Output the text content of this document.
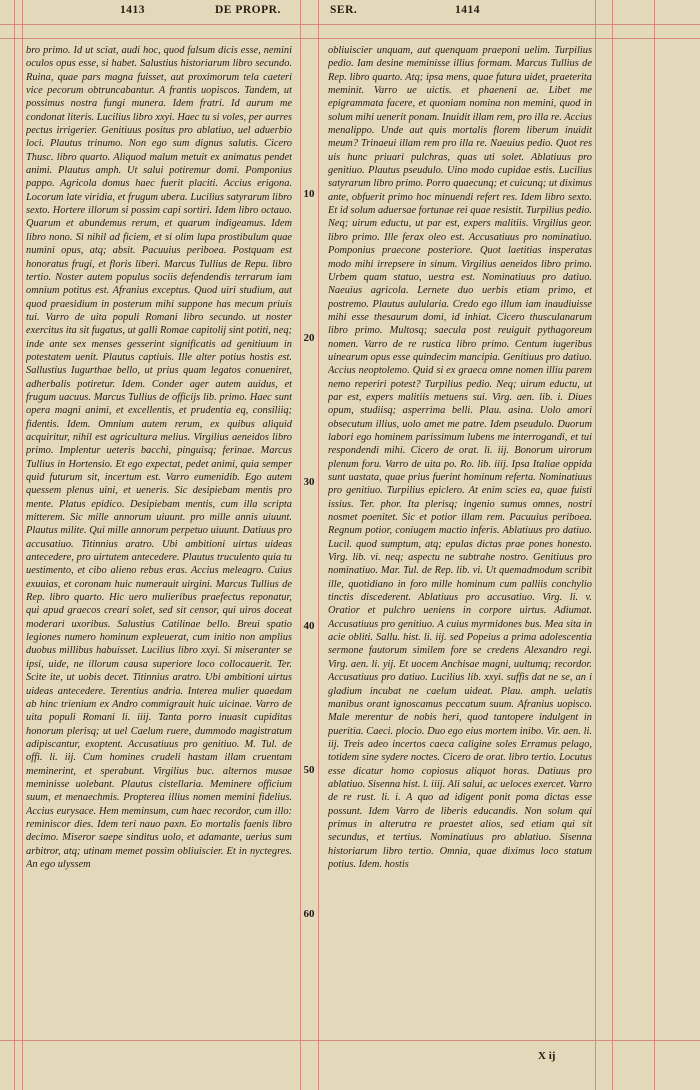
1413	DE PROPR.	SER.	1414
10
20
30
40
50
60

bro primo. Id ut sciat, audi hoc, quod falsum dicis esse, nemini oculos opus esse, si habet. Salustius historiarum libro secundo. Ruina, quae pars magna fuisset, aut proximorum tela caeteri vice pecorum obtruncabantur. A frantis uopiscos. Tandem, ut possimus nostra fungi munera. Idem fratri. Id aurum me condonat literis. Lucilius libro xxyi. Haec tu si voles, per aurres pectus irrigerier. Genitiuus positus pro ablatiuo, uel aduerbio loci. Plautus trinumo. Non ego sum dignus salutis. Cicero Thusc. libro quarto. Aliquod malum metuit ex animatus pendet animi. Plautus amph. Ut salui potiremur domi. Pomponius pappo. Agricola domus haec fuerit placiti. Accius erigona. Locorum late viridia, et frugum ubera. Lucilius satyrarum libro sexto. Hortere illorum si possim capi sortiri. Idem libro octauo. Quarum et abundemus rerum, et quarum indigeamus. Idem libro nono. Si nihil ad ficiem, et si olim lupa prostibulum quae numini opus, atq; absit. Pacuuius periboea. Postquam est honoratus frugi, et floris liberi. Marcus Tullius de Repu. libro tertio. Noster autem populus sociis defendendis terrarum iam omnium potitus est. Afranius exceptus. Quod uiri studium, aut quod praesidium in posterum mihi suppone has mecum priuis tui. Varro de uita populi Romani libro secundo. ut noster exercitus ita sit fugatus, ut galli Romae capitolij sint potiti, neq; inde ante sex menses gesserint significatis ad genitiuum in potestatem uenit. Plautus captiuis. Ille alter potius hostis est. Sallustius Iugurthae bello, ut prius quam legatos conueniret, adherbalis potiretur. Idem. Conder ager autem auidus, et frugum uacuus. Marcus Tullius de officijs lib. primo. Haec sunt opera magni animi, et excellentis, et prudentia eq, consiliiq; fidentis. Idem. Omnium autem rerum, ex quibus aliquid acquiritur, nihil est agricultura melius. Virgilius aeneidos libro primo. Implentur ueteris bacchi, pinguisq; ferinae. Marcus Tullius in Hortensio. Et ego expectat, pedet animi, quia semper quid futurum sit, incertum est. Varro eumenidib. Ego autem quessem plenus uini, et ueneris. Sic desipiebam mentis pro mente. Platus epidico. Desipiebam mentis, cum illa scripta mitterem. Sic mille annorum uiuunt. pro mille annis uiuunt. Plautus milite. Qui mille annorum perpetuo uiuunt. Datiuus pro accusatiuo. Titinnius aratro. Ubi ambitioni uirtus uideas antecedere, pro uirtutem antecedere. Plautus truculento quia tu uestimento, et cibo alieno rebus eras. Accius meleagro. Cuius exuuias, et coronam huic numerauit uirgini. Marcus Tullius de Rep. libro quarto. Hic uero mulieribus praefectus reponatur, qui apud graecos creari solet, sed sit censor, qui uiros doceat moderari uxoribus. Salustius Catilinae bello. Breui spatio legiones numero hominum expleuerat, cum initio non amplius duobus millibus habuisset. Lucilius libro xxyi. Si miseranter se ipsi, uide, ne illorum causa superiore loco collocauerit. Ter. Scite ite, ut uobis decet. Titinnius aratro. Ubi ambitioni uirtus uideas antecedere. Terentius andria. Interea mulier quaedam ab hinc trienium ex Andro commigrauit huic uicinae. Varro de uita populi Romani li. iiij. Tanta porro inuasit cupiditas honorum plerisq; ut uel Caelum ruere, dummodo magistratum adipiscantur, exoptent. Accusatiuus pro genitiuo. M. Tul. de offi. li. iij. Cum homines crudeli hastam illam cruentam meminerint, et sperabunt. Virgilius buc. alternos musae meminisse uolebant. Plautus cistellaria. Meminere officium suum, et menaechmis. Propterea illius nomen memini fidelius. Accius eurysace. Hem meminsum, cum haec recordor, cum illo: reminiscor dies. Idem teri nauo paxn. Eo mortalis faenis libro decimo. Miseror saepe sinditus uolo, et adamante, uerius sum arbitror, atq; utinam memet possim obliuiscier. Et in nyctegres. An ego ulyssem

obliuiscier unquam, aut quenquam praeponi uelim. Turpilius pedio. Iam desine meminisse illius formam. Marcus Tullius de Rep. libro quarto. Atq; ipsa mens, quae futura uidet, praeterita meminit. Varro ue uictis. et phaeneni ae. Libet me epigrammata facere, et quoniam nomina non memini, quod in solum mihi uenerit ponam. Inuidit illam rem, pro illa re. Accius menalippo. Unde aut quis mortalis florem liberum inuidit meum? Trinaeui illam rem pro illa re. Naeuius pedio. Quot res uis hunc priuari pulchras, quas uti solet. Ablatiuus pro genitiuo. Plautus pseudulo. Uino modo cupidae estis. Lucilius satyrarum libro primo. Porro quaecunq; et cuicunq; ut diximus ante, obfuerit primo hoc minuendi refert res. Idem libro sexto. Et id solum aduersae fortunae rei quae resistit. Turpilius pedio. Neq; uirum eductu, ut par est, expers malitiis. Virgilius geor. libro primo. Ille ferax oleo est. Accusatiuus pro nominatiuo. Pomponius praecone posteriore. Quot laetitias insperatas modo mihi irrepsere in sinum. Virgilius aeneidos libro primo. Urbem quam statuo, uestra est. Nominatiuus pro datiuo. Naeuius agricola. Lernete duo uerbis etiam primo, et postremo. Plautus aulularia. Credo ego illum iam inaudiuisse mihi esse thesaurum domi, id inhiat. Cicero thusculanarum libro primo. Multosq; saecula post reuiguit pythagoreum nomen. Varro de re rustica libro primo. Centum iugeribus uinearum opus esse quindecim mancipia. Genitiuus pro datiuo. Accius neoptolemo. Quid si ex graeca omne nomen illiu parem nemo reperiri potest? Turpilius pedio. Neq; uirum eductu, ut par est, expers malitiis metuens sui. Virg. aen. lib. i. Diues opum, studiisq; asperrima belli. Plau. asina. Uolo amori obsecutum illius, uolo amet me patre. Idem pseudulo. Duorum labori ego hominem parissimum lubens me interrogandi, et tui respondendi mihi. Cicero de orat. li. iij. Bonorum uirorum plenum foru. Varro de uita po. Ro. lib. iiij. Ipsa Italiae oppida sunt uastata, quae prius fuerint hominum referta. Nominatiuus pro genitiuo. Turpilius epiclero. At enim scies ea, quae fuisti issius. Ter. phor. Ita plerisq; ingenio sumus omnes, nostri nosmet poenitet. Sic et potior illam rem. Pacuuius periboea. Regnum potior, coniugem mactio inferis. Ablatiuus pro datiuo. Lucil. quod sumptum, atq; epulas dictas prae pones honesto. Virg. lib. vi. neq; aspectu ne subtrahe nostro. Genitiuus pro nominatiuo. Mar. Tul. de Rep. lib. vi. Ut quemadmodum scribit ille, quotidiano in foro mille hominum cum palliis conchylio tinctis discederent. Ablatiuus pro accusatiuo. Virg. li. v. Oratior et pulchro ueniens in corpore uirtus. Adiumat. Accusatiuus pro genitiuo. A cuius myrmidones bus. Mea sita in acie obliti. Sallu. hist. li. iij. sed Popeius a prima adolescentia sermone fautorum similem fore se credens Alexandro regi. Virg. aen. li. yij. Et uocem Anchisae magni, uultumq; recordor. Accusatiuus pro datiuo. Lucilius lib. xxyi. suffis dat ne se, an i gladium incubat ne caelum uideat. Plau. amph. uelatis manibus orant ignoscamus peccatum suum. Afranius uopisco. Male merentur de nobis heri, quod tantopere indulgent in pueritia. Caeci. plocio. Duo ego eius mortem inibo. Vir. aen. li. iij. Treis adeo incertos caeca caligine soles Erramus pelago, totidem sine sydere noctes. Cicero de orat. libro tertio. Locutus esse dicatur homo copiosus aliquot horas. Datiuus pro ablatiuo. Sisenna hist. l. iiij. Ali salui, ac ueloces exercet. Varro de re rust. li. i. A quo ad idigent ponit poma dictas esse possunt. Idem Varro de liberis educandis. Non solum qui primus in alterutra re praestet alios, sed etiam qui sit secundus, et tertius. Nominatiuus pro ablatiuo. Sisenna historiarum libro tertio. Omnia, quae diximus loco statum potius. Idem. hostis

X ij
